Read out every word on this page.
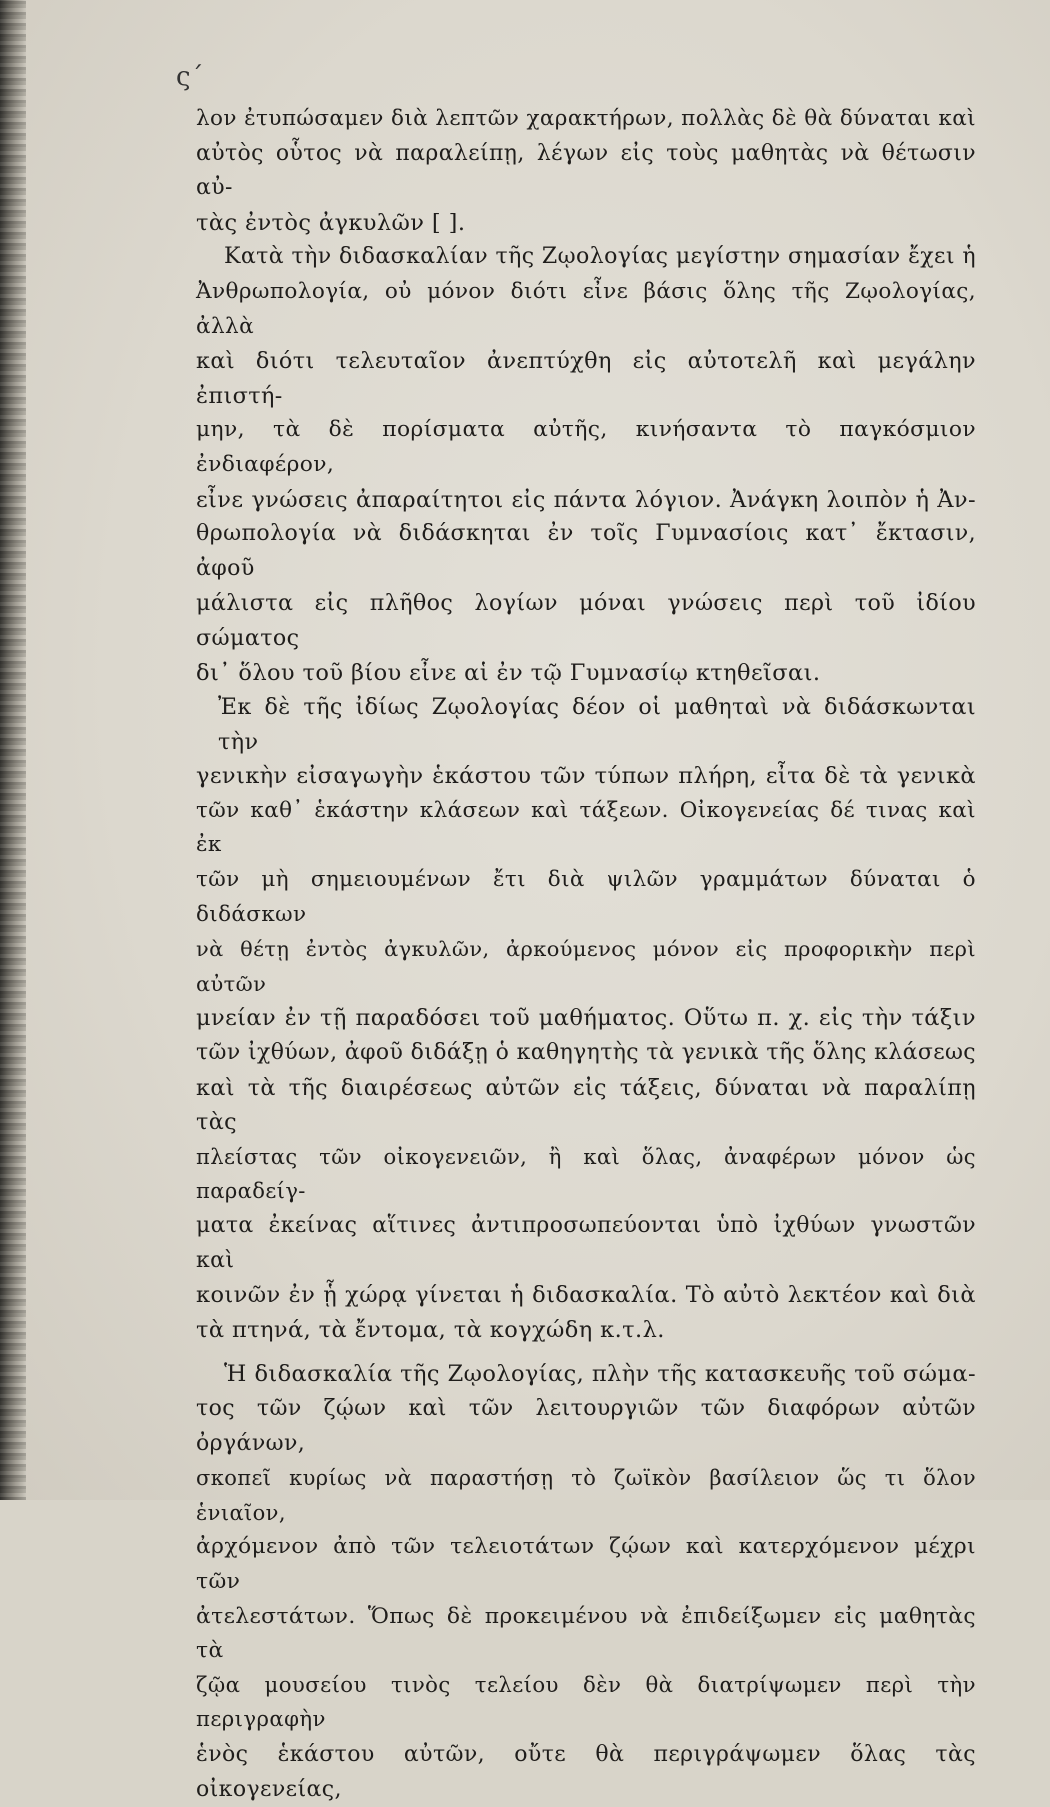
ς΄
λον ἐτυπώσαμεν διὰ λεπτῶν χαρακτήρων, πολλὰς δὲ θὰ δύναται καὶ
αὐτὸς οὗτος νὰ παραλείπῃ, λέγων εἰς τοὺς μαθητὰς νὰ θέτωσιν αὐ-
τὰς ἐντὸς ἀγκυλῶν [ ].
Κατὰ τὴν διδασκαλίαν τῆς Ζῳολογίας μεγίστην σημασίαν ἔχει ἡ
Ἀνθρωπολογία, οὐ μόνον διότι εἶνε βάσις ὅλης τῆς Ζῳολογίας, ἀλλὰ
καὶ διότι τελευταῖον ἀνεπτύχθη εἰς αὐτοτελῆ καὶ μεγάλην ἐπιστή-
μην, τὰ δὲ πορίσματα αὐτῆς, κινήσαντα τὸ παγκόσμιον ἐνδιαφέρον,
εἶνε γνώσεις ἀπαραίτητοι εἰς πάντα λόγιον. Ἀνάγκη λοιπὸν ἡ Ἀν-
θρωπολογία νὰ διδάσκηται ἐν τοῖς Γυμνασίοις κατ᾽ ἔκτασιν, ἀφοῦ
μάλιστα εἰς πλῆθος λογίων μόναι γνώσεις περὶ τοῦ ἰδίου σώματος
δι᾽ ὅλου τοῦ βίου εἶνε αἱ ἐν τῷ Γυμνασίῳ κτηθεῖσαι.
Ἐκ δὲ τῆς ἰδίως Ζῳολογίας δέον οἱ μαθηταὶ νὰ διδάσκωνται τὴν
γενικὴν εἰσαγωγὴν ἑκάστου τῶν τύπων πλήρη, εἶτα δὲ τὰ γενικὰ
τῶν καθ᾽ ἑκάστην κλάσεων καὶ τάξεων. Οἰκογενείας δέ τινας καὶ ἐκ
τῶν μὴ σημειουμένων ἔτι διὰ ψιλῶν γραμμάτων δύναται ὁ διδάσκων
νὰ θέτῃ ἐντὸς ἀγκυλῶν, ἀρκούμενος μόνον εἰς προφορικὴν περὶ αὐτῶν
μνείαν ἐν τῇ παραδόσει τοῦ μαθήματος. Οὕτω π. χ. εἰς τὴν τάξιν
τῶν ἰχθύων, ἀφοῦ διδάξῃ ὁ καθηγητὴς τὰ γενικὰ τῆς ὅλης κλάσεως
καὶ τὰ τῆς διαιρέσεως αὐτῶν εἰς τάξεις, δύναται νὰ παραλίπῃ τὰς
πλείστας τῶν οἰκογενειῶν, ἢ καὶ ὅλας, ἀναφέρων μόνον ὡς παραδείγ-
ματα ἐκείνας αἵτινες ἀντιπροσωπεύονται ὑπὸ ἰχθύων γνωστῶν καὶ
κοινῶν ἐν ᾗ χώρᾳ γίνεται ἡ διδασκαλία. Τὸ αὐτὸ λεκτέον καὶ διὰ
τὰ πτηνά, τὰ ἔντομα, τὰ κογχώδη κ.τ.λ.
Ἡ διδασκαλία τῆς Ζῳολογίας, πλὴν τῆς κατασκευῆς τοῦ σώμα-
τος τῶν ζῴων καὶ τῶν λειτουργιῶν τῶν διαφόρων αὐτῶν ὀργάνων,
σκοπεῖ κυρίως νὰ παραστήσῃ τὸ ζωϊκὸν βασίλειον ὥς τι ὅλον ἑνιαῖον,
ἀρχόμενον ἀπὸ τῶν τελειοτάτων ζῴων καὶ κατερχόμενον μέχρι τῶν
ἀτελεστάτων. Ὅπως δὲ προκειμένου νὰ ἐπιδείξωμεν εἰς μαθητὰς τὰ
ζῷα μουσείου τινὸς τελείου δὲν θὰ διατρίψωμεν περὶ τὴν περιγραφὴν
ἑνὸς ἑκάστου αὐτῶν, οὔτε θὰ περιγράψωμεν ὅλας τὰς οἰκογενείας,
